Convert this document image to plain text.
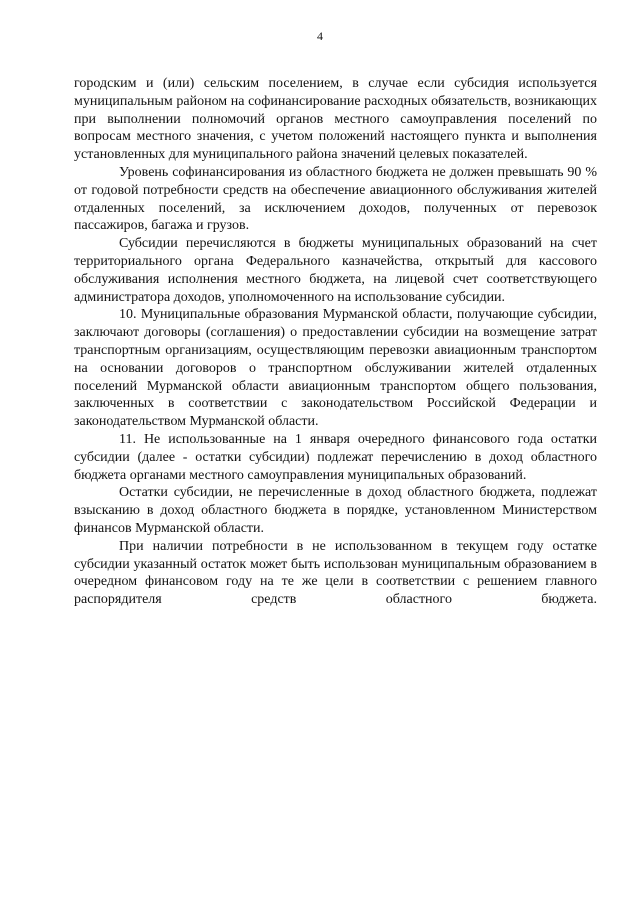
4

городским и (или) сельским поселением, в случае если субсидия используется муниципальным районом на софинансирование расходных обязательств, возникающих при выполнении полномочий органов местного самоуправления поселений по вопросам местного значения, с учетом положений настоящего пункта и выполнения установленных для муниципального района значений целевых показателей.

Уровень софинансирования из областного бюджета не должен превышать 90 % от годовой потребности средств на обеспечение авиационного обслуживания жителей отдаленных поселений, за исключением доходов, полученных от перевозок пассажиров, багажа и грузов.

Субсидии перечисляются в бюджеты муниципальных образований на счет территориального органа Федерального казначейства, открытый для кассового обслуживания исполнения местного бюджета, на лицевой счет соответствующего администратора доходов, уполномоченного на использование субсидии.

10. Муниципальные образования Мурманской области, получающие субсидии, заключают договоры (соглашения) о предоставлении субсидии на возмещение затрат транспортным организациям, осуществляющим перевозки авиационным транспортом на основании договоров о транспортном обслуживании жителей отдаленных поселений Мурманской области авиационным транспортом общего пользования, заключенных в соответствии с законодательством Российской Федерации и законодательством Мурманской области.

11. Не использованные на 1 января очередного финансового года остатки субсидии (далее - остатки субсидии) подлежат перечислению в доход областного бюджета органами местного самоуправления муниципальных образований.

Остатки субсидии, не перечисленные в доход областного бюджета, подлежат взысканию в доход областного бюджета в порядке, установленном Министерством финансов Мурманской области.

При наличии потребности в не использованном в текущем году остатке субсидии указанный остаток может быть использован муниципальным образованием в очередном финансовом году на те же цели в соответствии с решением главного распорядителя средств областного бюджета.
